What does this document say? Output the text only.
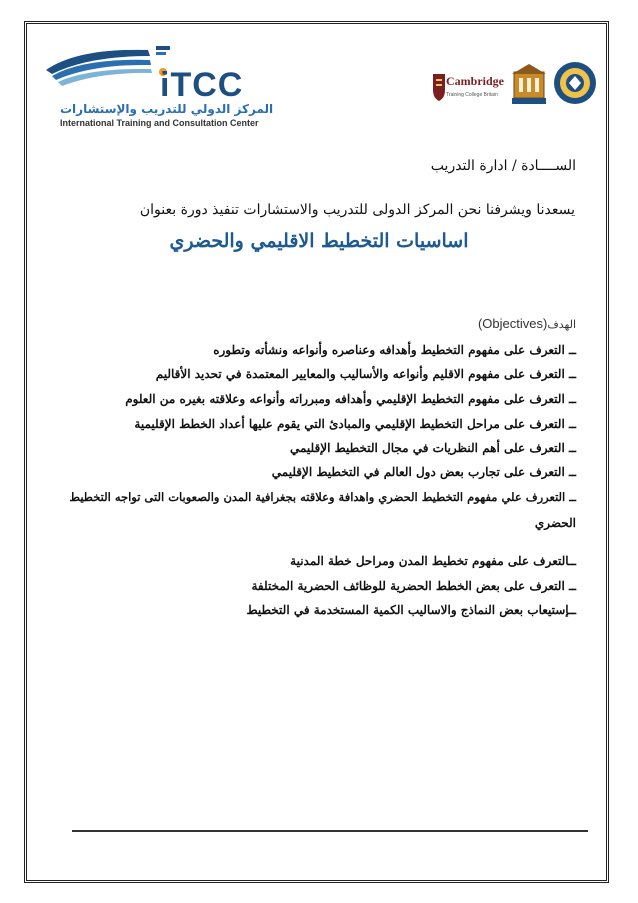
iTCC
المركز الدولي للتدريب والإستشارات
International Training and Consultation Center
Cambridge
Training College Britain
الســــادة / ادارة التدريب
يسعدنا ويشرفنا نحن المركز الدولى للتدريب والاستشارات تنفيذ دورة بعنوان
اساسيات التخطيط الاقليمي والحضري
الهدف(Objectives)
ــ التعرف على مفهوم التخطيط وأهدافه وعناصره وأنواعه ونشأته وتطوره
ــ التعرف على مفهوم الاقليم وأنواعه والأساليب والمعايير المعتمدة في تحديد الأقاليم
ــ التعرف على مفهوم التخطيط الإقليمي وأهدافه ومبرراته وأنواعه وعلاقته بغيره من العلوم
ــ التعرف على مراحل التخطيط الإقليمي والمبادئ التي يقوم عليها أعداد الخطط الإقليمية
ــ التعرف على أهم النظريات في مجال التخطيط الإقليمي
ــ التعرف على تجارب بعض دول العالم في التخطيط الإقليمي
ــ التعررف علي مفهوم التخطيط الحضري واهدافة وعلاقته بجغرافية المدن والصعوبات التى تواجه التخطيط
الحضري
ــالتعرف على مفهوم تخطيط المدن ومراحل خطة المدنية
ــ التعرف على بعض الخطط الحضرية للوظائف الحضرية المختلفة
ــإستيعاب بعض النماذج والاساليب الكمية المستخدمة في التخطيط
